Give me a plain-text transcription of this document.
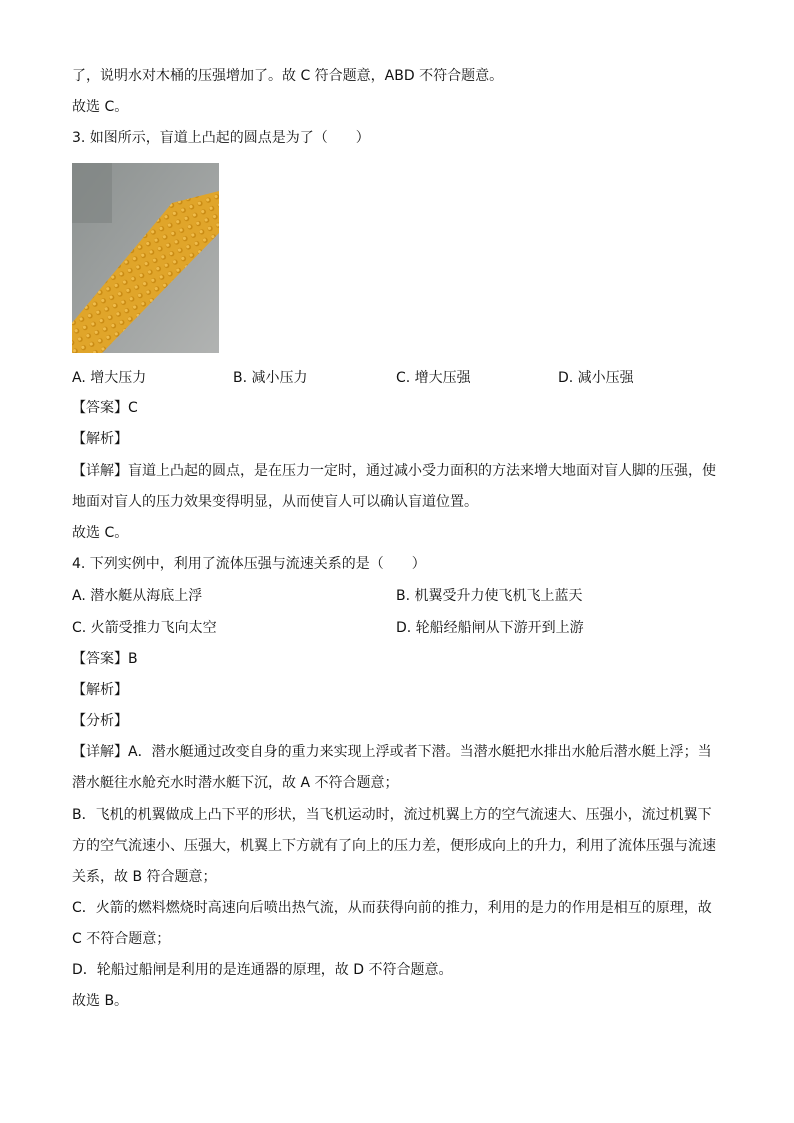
了，说明水对木桶的压强增加了。故 C 符合题意，ABD 不符合题意。
故选 C。
3. 如图所示，盲道上凸起的圆点是为了（　　）
A. 增大压力	B. 减小压力	C. 增大压强	D. 减小压强
【答案】C
【解析】
【详解】盲道上凸起的圆点，是在压力一定时，通过减小受力面积的方法来增大地面对盲人脚的压强，使
地面对盲人的压力效果变得明显，从而使盲人可以确认盲道位置。
故选 C。
4. 下列实例中，利用了流体压强与流速关系的是（　　）
A. 潜水艇从海底上浮	B. 机翼受升力使飞机飞上蓝天
C. 火箭受推力飞向太空	D. 轮船经船闸从下游开到上游
【答案】B
【解析】
【分析】
【详解】A．潜水艇通过改变自身的重力来实现上浮或者下潜。当潜水艇把水排出水舱后潜水艇上浮；当
潜水艇往水舱充水时潜水艇下沉，故 A 不符合题意；
B．飞机的机翼做成上凸下平的形状，当飞机运动时，流过机翼上方的空气流速大、压强小，流过机翼下
方的空气流速小、压强大，机翼上下方就有了向上的压力差，便形成向上的升力，利用了流体压强与流速
关系，故 B 符合题意；
C．火箭的燃料燃烧时高速向后喷出热气流，从而获得向前的推力，利用的是力的作用是相互的原理，故
C 不符合题意；
D．轮船过船闸是利用的是连通器的原理，故 D 不符合题意。
故选 B。
